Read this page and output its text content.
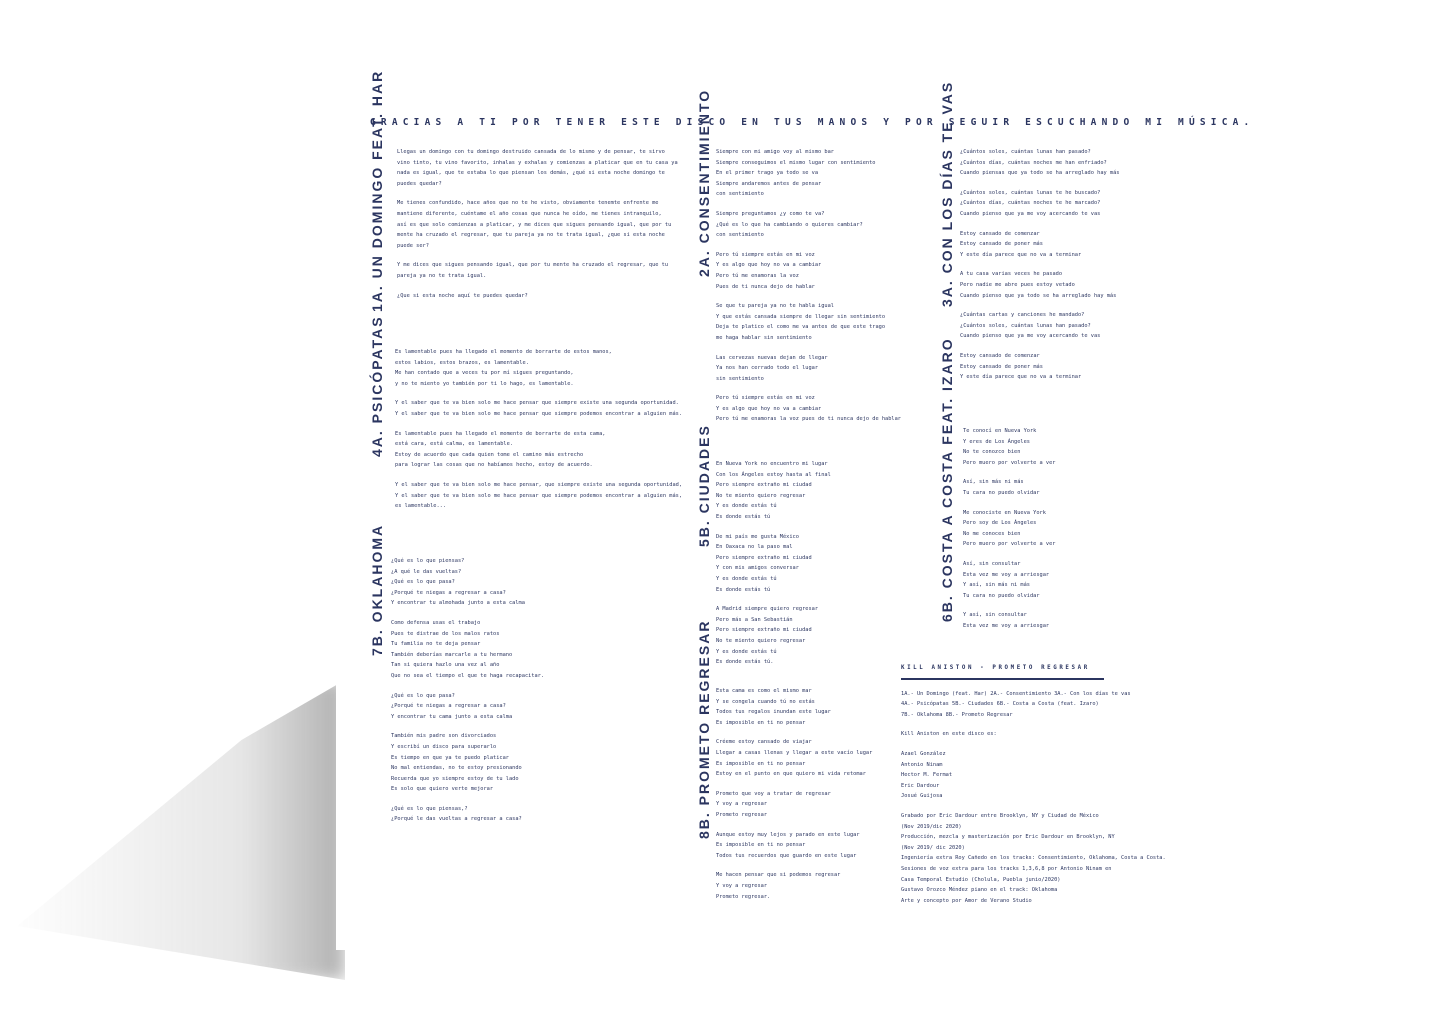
GRACIAS A TI POR TENER ESTE DISCO EN TUS MANOS Y POR SEGUIR ESCUCHANDO MI MÚSICA.
1A. UN DOMINGO FEAT. HAR	Llegas un domingo con tu domingo destruido cansada de lo mismo y de pensar, te sirvo
vino tinto, tu vino favorito, inhalas y exhalas y comienzas a platicar que en tu casa ya
nada es igual, que te estaba lo que piensan los demás, ¿qué si esta noche domingo te
puedes quedar?
Me tienes confundido, hace años que no te he visto, obviamente tenemte enfrente me
mantiene diferente, cuéntame el año cosas que nunca he oído, me tienes intranquilo,
así es que solo comienzas a platicar, y me dices que sigues pensando igual, que por tu
mente ha cruzado el regresar, que tu pareja ya no te trata igual, ¿que si esta noche
puede ser?
Y me dices que sigues pensando igual, que por tu mente ha cruzado el regresar, que tu
pareja ya no te trata igual.
¿Que si esta noche aquí te puedes quedar?
4A. PSICÓPATAS	Es lamentable pues ha llegado el momento de borrarte de estos manos,
estos labios, estos brazos, es lamentable.
Me han contado que a veces tu por mí sigues preguntando,
y no te miento yo también por ti lo hago, es lamentable.
Y el saber que te va bien solo me hace pensar que siempre existe una segunda oportunidad.
Y el saber que te va bien solo me hace pensar que siempre podemos encontrar a alguien más.
Es lamentable pues ha llegado el momento de borrarte de esta cama,
está cara, está calma, es lamentable.
Estoy de acuerdo que cada quien tome el camino más estrecho
para lograr las cosas que no habíamos hecho, estoy de acuerdo.
Y el saber que te va bien solo me hace pensar, que siempre existe una segunda oportunidad,
Y el saber que te va bien solo me hace pensar que siempre podemos encontrar a alguien más,
es lamentable...
7B. OKLAHOMA	¿Qué es lo que piensas?
¿A qué le das vueltas?
¿Qué es lo que pasa?
¿Porqué te niegas a regresar a casa?
Y encontrar tu almohada junto a esta calma
Como defensa usas el trabajo
Pues te distrae de los malos ratos
Tu familia no te deja pensar
También deberías marcarle a tu hermano
Tan si quiera hazlo una vez al año
Que no sea el tiempo el que te haga recapacitar.
¿Qué es lo que pasa?
¿Porqué te niegas a regresar a casa?
Y encontrar tu cama junto a esta calma
También mis padre son divorciados
Y escribí un disco para superarlo
Es tiempo en que ya te puedo platicar
No mal entiendas, no te estoy presionando
Recuerda que yo siempre estoy de tu lado
Es solo que quiero verte mejorar
¿Qué es lo que piensas,?
¿Porqué le das vueltas a regresar a casa?
2A. CONSENTIMIENTO Siempre con mi amigo voy al mismo bar
Siempre conseguimos el mismo lugar con sentimiento
En el primer trago ya todo se va
Siempre andaremos antes de pensar
con sentimiento
Siempre preguntamos ¿y como te va?
¿Qué es lo que ha cambiando o quieres cambiar?
con sentimiento
Pero tú siempre estás en mi voz
Y es algo que hoy no va a cambiar
Pero tú me enamoras la voz
Pues de ti nunca dejo de hablar
Se que tu pareja ya no te habla igual
Y que estás cansada siempre de llegar sin sentimiento
Deja te platico el como me va antes de que este trago
me haga hablar sin sentimiento
Las cervezas nuevas dejan de llegar
Ya nos han cerrado todo el lugar
sin sentimiento
Pero tú siempre estás en mi voz
Y es algo que hoy no va a cambiar
Pero tú me enamoras la voz pues de ti nunca dejo de hablar
5B. CIUDADES En Nueva York no encuentro mi lugar
Con los Ángeles estoy hasta al final
Pero siempre extraño mi ciudad
No te miento quiero regresar
Y es donde estás tú
Es donde estás tú
De mi país me gusta México
En Oaxaca no la paso mal
Pero siempre extraño mi ciudad
Y con mis amigos conversar
Y es donde estás tú
Es donde estás tú
A Madrid siempre quiero regresar
Pero más a San Sebastián
Pero siempre extraño mi ciudad
No te miento quiero regresar
Y es donde estás tú
Es donde estás tú.
8B. PROMETO REGRESAR Esta cama es como el mismo mar
Y se congela cuando tú no estás
Todos tus regalos inundan este lugar
Es imposible en ti no pensar
Créeme estoy cansado de viajar
Llegar a casas llenas y llegar a este vacío lugar
Es imposible en ti no pensar
Estoy en el punto en que quiero mi vida retomar
Prometo que voy a tratar de regresar
Y voy a regresar
Prometo regresar
Aunque estoy muy lejos y parado en este lugar
Es imposible en ti no pensar
Todos tus recuerdos que guardo en este lugar
Me hacen pensar que si podemos regresar
Y voy a regresar
Prometo regresar.
3A. CON LOS DÍAS TE VAS ¿Cuántos soles, cuántas lunas han pasado?
¿Cuántos días, cuántas noches me han enfriado?
Cuando piensas que ya todo se ha arreglado hay más
¿Cuántos soles, cuántas lunas te he buscado?
¿Cuántos días, cuántas noches te he marcado?
Cuando pienso que ya me voy acercando te vas
Estoy cansado de comenzar
Estoy cansado de poner más
Y este día parece que no va a terminar
A tu casa varias veces he pasado
Pero nadie me abre pues estoy vetado
Cuando pienso que ya todo se ha arreglado hay más
¿Cuántas cartas y canciones he mandado?
¿Cuántos soles, cuántas lunas han pasado?
Cuando pienso que ya me voy acercando te vas
Estoy cansado de comenzar
Estoy cansado de poner más
Y este día parece que no va a terminar
6B. COSTA A COSTA FEAT. IZARO	Te conocí en Nueva York
Y eres de Los Ángeles
No te conozco bien
Pero muero por volverte a ver
Así, sin más ni más
Tu cara no puedo olvidar
Me conociste en Nueva York
Pero soy de Los Ángeles
No me conoces bien
Pero muero por volverte a ver
Así, sin consultar
Esta vez me voy a arriesgar
Y así, sin más ni más
Tu cara no puedo olvidar
Y así, sin consultar
Esta vez me voy a arriesgar
KILL ANISTON - PROMETO REGRESAR
1A.- Un Domingo (feat. Har) 2A.- Consentimiento 3A.- Con los días te vas
4A.- Psicópatas 5B.- Ciudades 6B.- Costa a Costa (feat. Izaro)
7B.- Oklahoma 8B.- Prometo Regresar
Kill Aniston en este disco es:
Azael González
Antonio Ninam
Hector M. Fermat
Eric Dardour
Josué Guijosa
Grabado por Eric Dardour entre Brooklyn, NY y Ciudad de México
(Nov 2019/dic 2020)
Producción, mezcla y masterización por Eric Dardour en Brooklyn, NY
(Nov 2019/ dic 2020)
Ingeniería extra Roy Cañedo en los tracks: Consentimiento, Oklahoma, Costa a Costa.
Sesiones de voz extra para los tracks 1,3,6,8 por Antonio Ninam en
Casa Temporal Estudio (Cholula, Puebla junio/2020)
Gustavo Orozco Méndez piano en el track: Oklahoma
Arte y concepto por Amor de Verano Studio
